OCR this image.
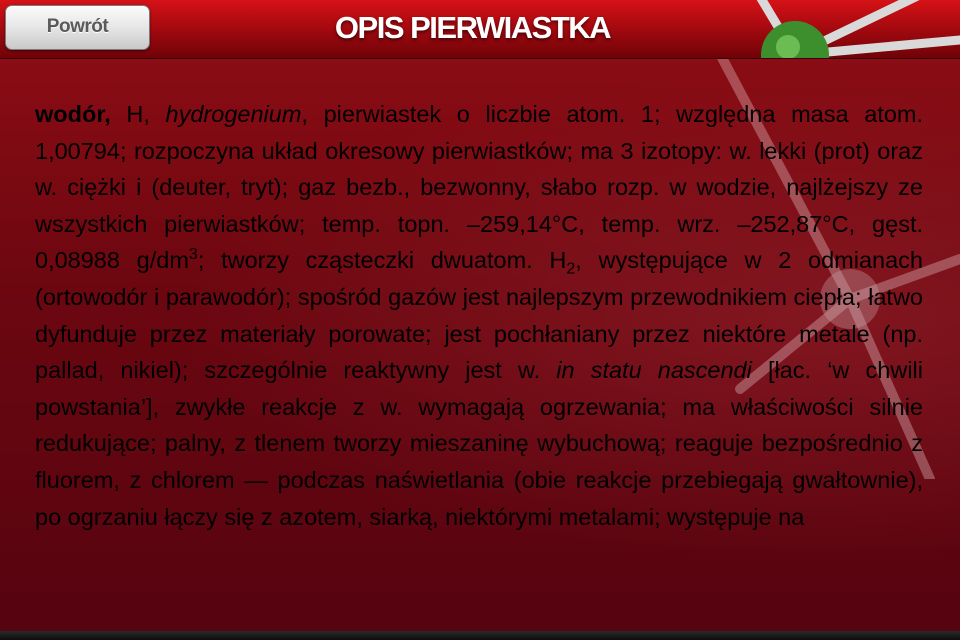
Powrót	OPIS PIERWIASTKA

wodór, H, hydrogenium, pierwiastek o liczbie atom. 1; względna masa atom. 1,00794; rozpoczyna układ okresowy pierwiastków; ma 3 izotopy: w. lekki (prot) oraz w. ciężki i (deuter, tryt); gaz bezb., bezwonny, słabo rozp. w wodzie, najlżejszy ze wszystkich pierwiastków; temp. topn. –259,14°C, temp. wrz. –252,87°C, gęst. 0,08988 $g/dm^3$; tworzy cząsteczki dwuatom. $H_2$, występujące w 2 odmianach (ortowodór i parawodór); spośród gazów jest najlepszym przewodnikiem ciepła; łatwo dyfunduje przez materiały porowate; jest pochłaniany przez niektóre metale (np. pallad, nikiel); szczególnie reaktywny jest w. in statu nascendi [łac. ‘w chwili powstania’], zwykłe reakcje z w. wymagają ogrzewania; ma właściwości silnie redukujące; palny, z tlenem tworzy mieszaninę wybuchową; reaguje bezpośrednio z fluorem, z chlorem — podczas naświetlania (obie reakcje przebiegają gwałtownie), po ogrzaniu łączy się z azotem, siarką, niektórymi metalami; występuje na
